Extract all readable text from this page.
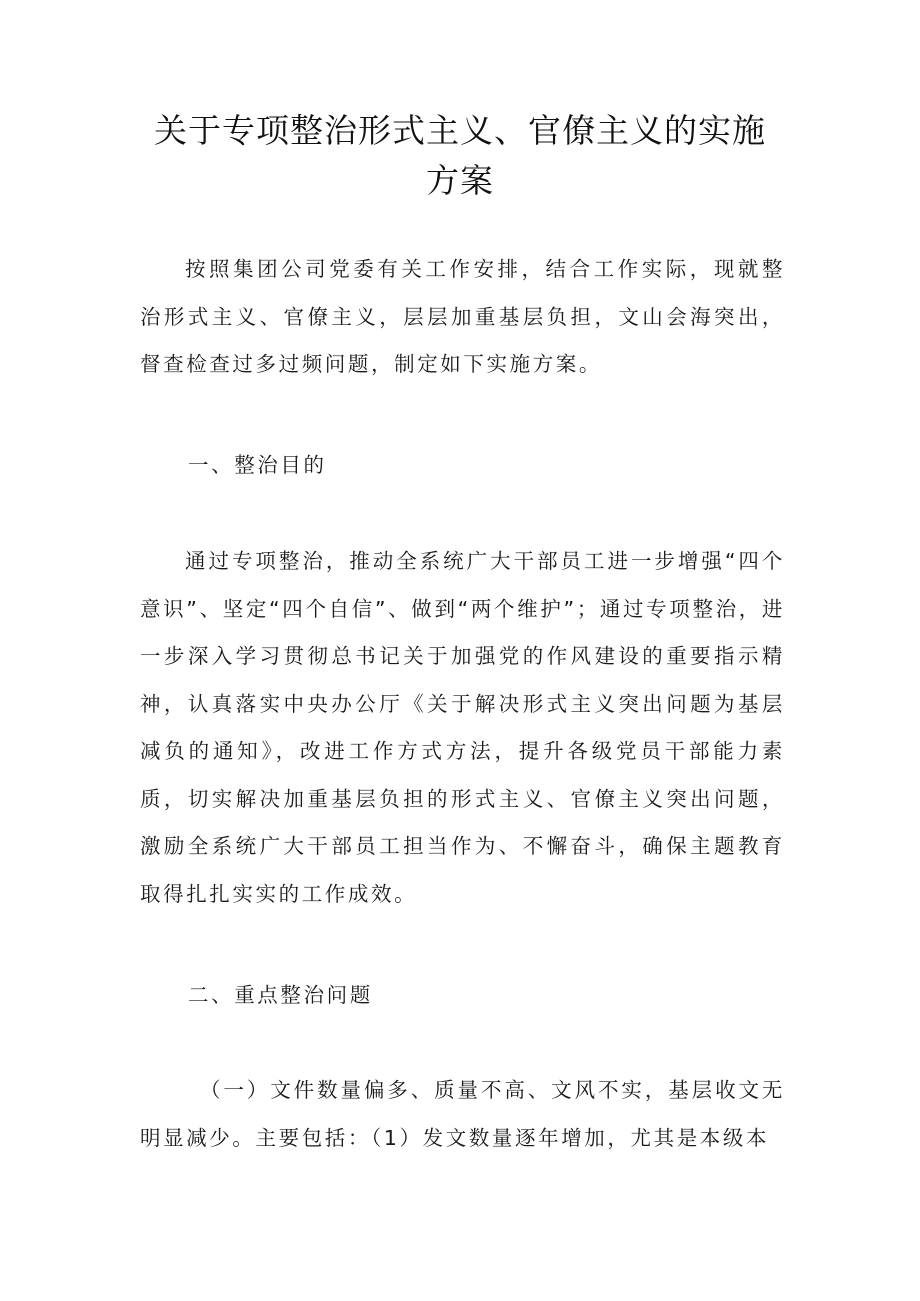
关于专项整治形式主义、官僚主义的实施方案

按照集团公司党委有关工作安排，结合工作实际，现就整治形式主义、官僚主义，层层加重基层负担，文山会海突出，督查检查过多过频问题，制定如下实施方案。

一、整治目的

通过专项整治，推动全系统广大干部员工进一步增强“四个意识”、坚定“四个自信”、做到“两个维护”；通过专项整治，进一步深入学习贯彻总书记关于加强党的作风建设的重要指示精神，认真落实中央办公厅《关于解决形式主义突出问题为基层减负的通知》，改进工作方式方法，提升各级党员干部能力素质，切实解决加重基层负担的形式主义、官僚主义突出问题，激励全系统广大干部员工担当作为、不懈奋斗，确保主题教育取得扎扎实实的工作成效。

二、重点整治问题

（一）文件数量偏多、质量不高、文风不实，基层收文无明显减少。主要包括：（1）发文数量逐年增加，尤其是本级本
